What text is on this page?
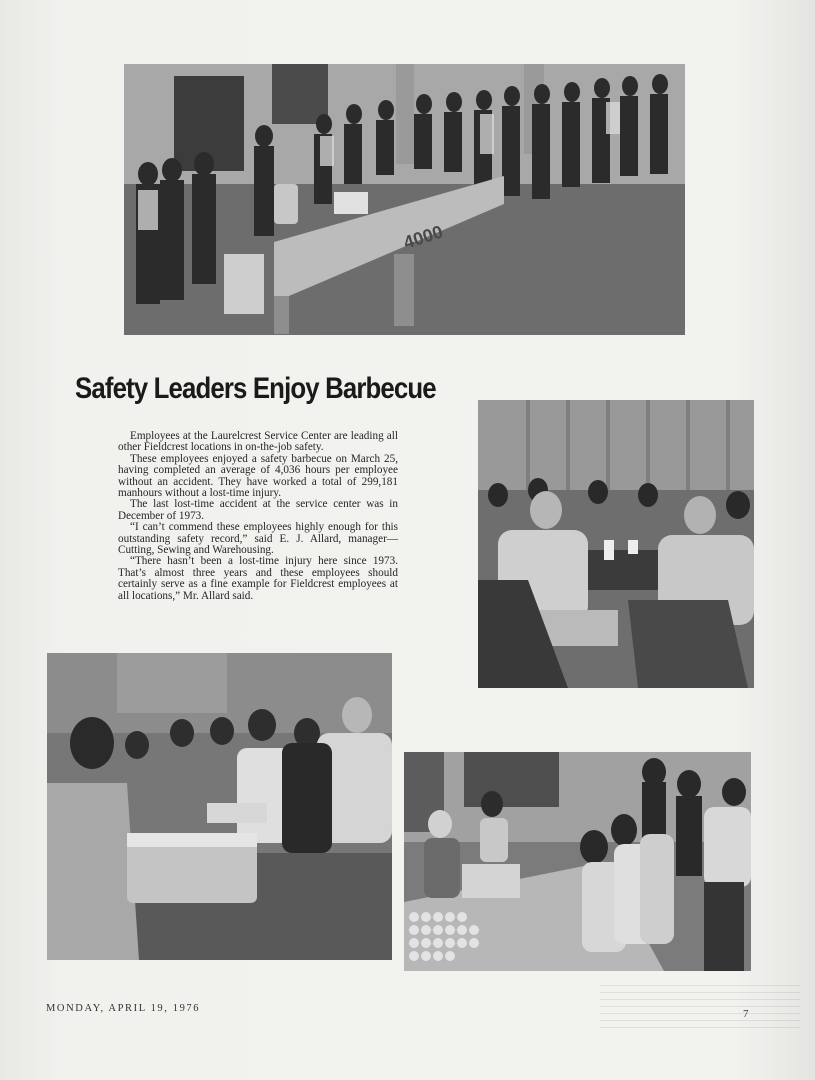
4000
Safety Leaders Enjoy Barbecue

Employees at the Laurelcrest Service Center are leading all other Fieldcrest locations in on-the-job safety.

These employees enjoyed a safety barbecue on March 25, having completed an average of 4,036 hours per employee without an accident. They have worked a total of 299,181 manhours without a lost-time injury.

The last lost-time accident at the service center was in December of 1973.

“I can’t commend these employees highly enough for this outstanding safety record,” said E. J. Allard, manager—Cutting, Sewing and Warehousing.

“There hasn’t been a lost-time injury here since 1973. That’s almost three years and these employees should certainly serve as a fine example for Fieldcrest employees at all locations,” Mr. Allard said.

MONDAY, APRIL 19, 1976	7
